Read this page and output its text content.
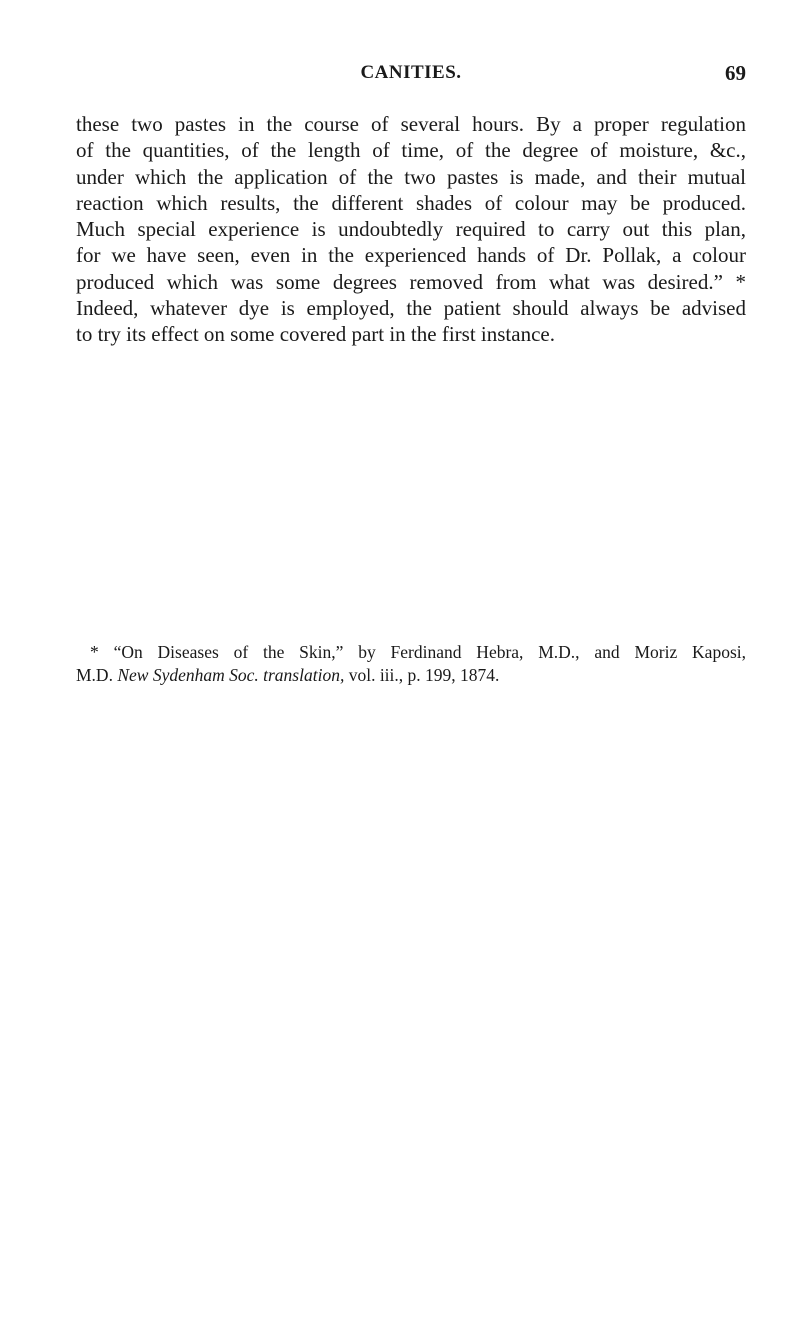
CANITIES.	69
these two pastes in the course of several hours. By a proper regulation
of the quantities, of the length of time, of the degree of moisture, &c.,
under which the application of the two pastes is made, and their mutual
reaction which results, the different shades of colour may be produced.
Much special experience is undoubtedly required to carry out this plan,
for we have seen, even in the experienced hands of Dr. Pollak, a colour
produced which was some degrees removed from what was desired.” *
Indeed, whatever dye is employed, the patient should always be advised
to try its effect on some covered part in the first instance.
* “On Diseases of the Skin,” by Ferdinand Hebra, M.D., and Moriz Kaposi,
M.D. New Sydenham Soc. translation, vol. iii., p. 199, 1874.
